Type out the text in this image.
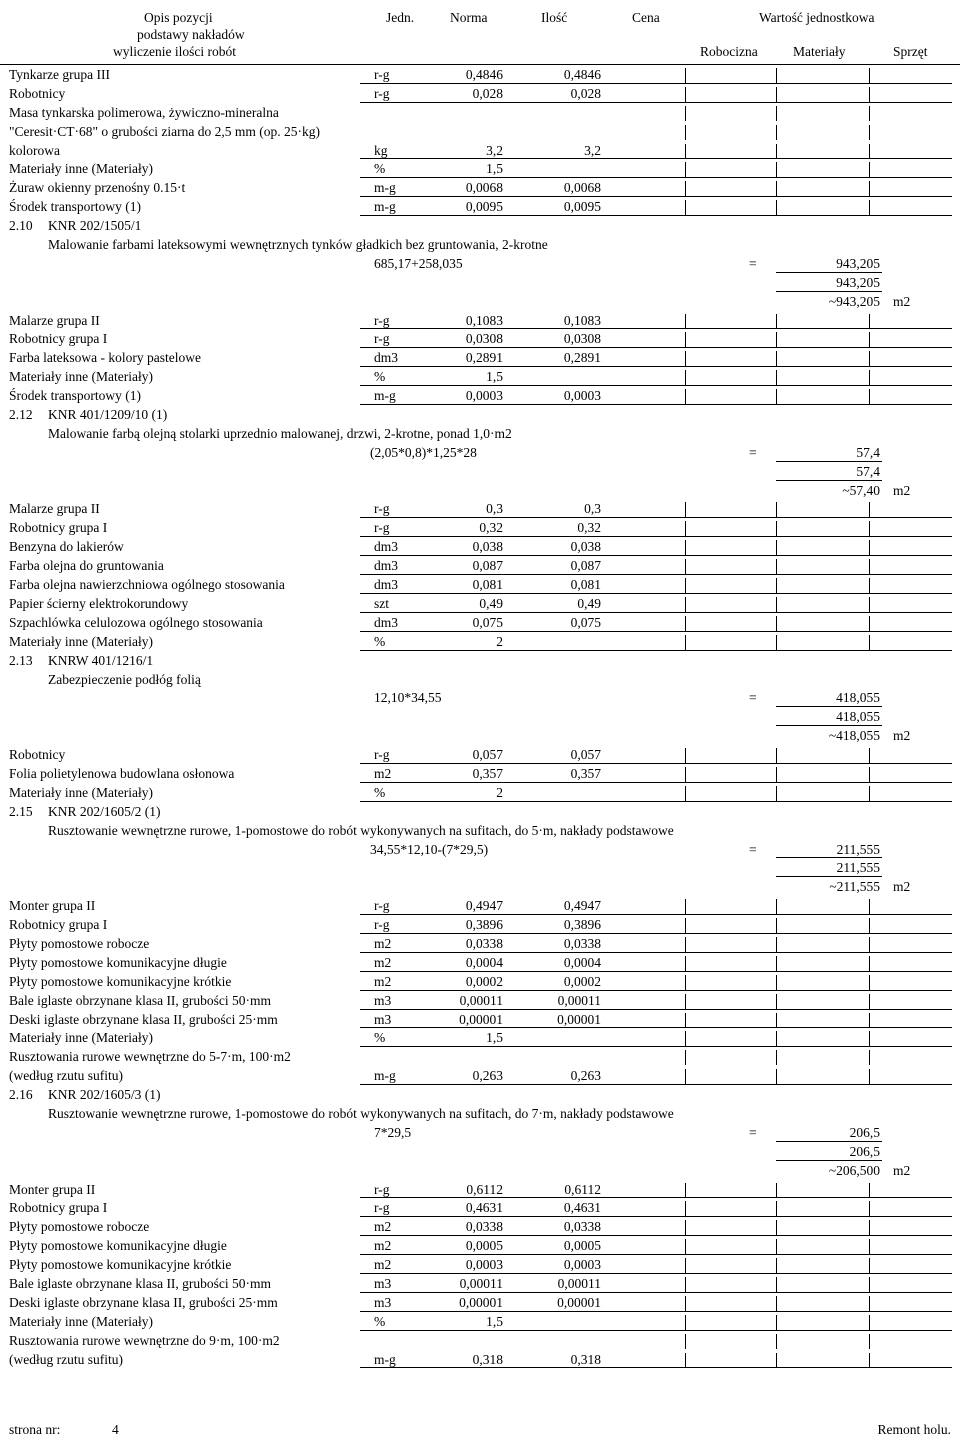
Opis pozycji
podstawy nakładów
wyliczenie ilości robót
Jedn.	Norma	Ilość	Cena	Wartość jednostkowa
Robocizna	Materiały	Sprzęt
Tynkarze grupa III	r-g	0,4846	0,4846
Robotnicy	r-g	0,028	0,028
Masa tynkarska polimerowa, żywiczno-mineralna
"Ceresit·CT·68" o grubości ziarna do 2,5 mm (op. 25·kg)
kolorowa	kg	3,2	3,2
Materiały inne (Materiały)	%	1,5
Żuraw okienny przenośny 0.15·t	m-g	0,0068	0,0068
Środek transportowy (1)	m-g	0,0095	0,0095
2.10 KNR 202/1505/1
Malowanie farbami lateksowymi wewnętrznych tynków gładkich bez gruntowania, 2-krotne
685,17+258,035	=	943,205
943,205
~943,205 m2
Malarze grupa II	r-g	0,1083	0,1083
Robotnicy grupa I	r-g	0,0308	0,0308
Farba lateksowa - kolory pastelowe	dm3	0,2891	0,2891
Materiały inne (Materiały)	%	1,5
Środek transportowy (1)	m-g	0,0003	0,0003
2.12 KNR 401/1209/10 (1)
Malowanie farbą olejną stolarki uprzednio malowanej, drzwi, 2-krotne, ponad 1,0·m2
(2,05*0,8)*1,25*28	=	57,4
57,4
~57,40 m2
Malarze grupa II	r-g	0,3	0,3
Robotnicy grupa I	r-g	0,32	0,32
Benzyna do lakierów	dm3	0,038	0,038
Farba olejna do gruntowania	dm3	0,087	0,087
Farba olejna nawierzchniowa ogólnego stosowania	dm3	0,081	0,081
Papier ścierny elektrokorundowy	szt	0,49	0,49
Szpachlówka celulozowa ogólnego stosowania	dm3	0,075	0,075
Materiały inne (Materiały)	%	2
2.13 KNRW 401/1216/1
Zabezpieczenie podłóg folią
12,10*34,55	=	418,055
418,055
~418,055 m2
Robotnicy	r-g	0,057	0,057
Folia polietylenowa budowlana osłonowa	m2	0,357	0,357
Materiały inne (Materiały)	%	2
2.15 KNR 202/1605/2 (1)
Rusztowanie wewnętrzne rurowe, 1-pomostowe do robót wykonywanych na sufitach, do 5·m, nakłady podstawowe
34,55*12,10-(7*29,5)	=	211,555
211,555
~211,555 m2
Monter grupa II	r-g	0,4947	0,4947
Robotnicy grupa I	r-g	0,3896	0,3896
Płyty pomostowe robocze	m2	0,0338	0,0338
Płyty pomostowe komunikacyjne długie	m2	0,0004	0,0004
Płyty pomostowe komunikacyjne krótkie	m2	0,0002	0,0002
Bale iglaste obrzynane klasa II, grubości 50·mm	m3	0,00011	0,00011
Deski iglaste obrzynane klasa II, grubości 25·mm	m3	0,00001	0,00001
Materiały inne (Materiały)	%	1,5
Rusztowania rurowe wewnętrzne do 5-7·m, 100·m2
(według rzutu sufitu)	m-g	0,263	0,263
2.16 KNR 202/1605/3 (1)
Rusztowanie wewnętrzne rurowe, 1-pomostowe do robót wykonywanych na sufitach, do 7·m, nakłady podstawowe
7*29,5	=	206,5
206,5
~206,500 m2
Monter grupa II	r-g	0,6112	0,6112
Robotnicy grupa I	r-g	0,4631	0,4631
Płyty pomostowe robocze	m2	0,0338	0,0338
Płyty pomostowe komunikacyjne długie	m2	0,0005	0,0005
Płyty pomostowe komunikacyjne krótkie	m2	0,0003	0,0003
Bale iglaste obrzynane klasa II, grubości 50·mm	m3	0,00011	0,00011
Deski iglaste obrzynane klasa II, grubości 25·mm	m3	0,00001	0,00001
Materiały inne (Materiały)	%	1,5
Rusztowania rurowe wewnętrzne do 9·m, 100·m2
(według rzutu sufitu)	m-g	0,318	0,318
strona nr:	4	Remont holu.
